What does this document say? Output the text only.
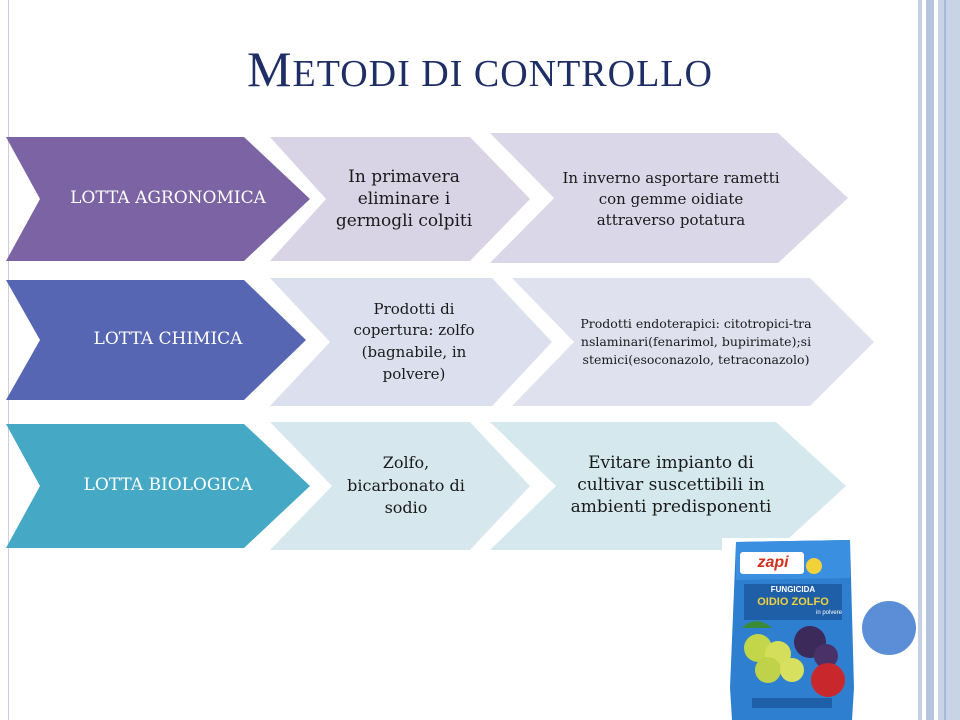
METODI DI CONTROLLO
LOTTA AGRONOMICA
In primavera eliminare i germogli colpiti
In inverno asportare rametti con gemme oidiate attraverso potatura
LOTTA CHIMICA
Prodotti di copertura: zolfo (bagnabile, in polvere)
Prodotti endoterapici: citotropici-translaminari(fenarimol, bupirimate);sistemici(esoconazolo, tetraconazolo)
LOTTA BIOLOGICA
Zolfo, bicarbonato di sodio
Evitare impianto di cultivar suscettibili in ambienti predisponenti
zapi
FUNGICIDA
OIDIO ZOLFO
in polvere
